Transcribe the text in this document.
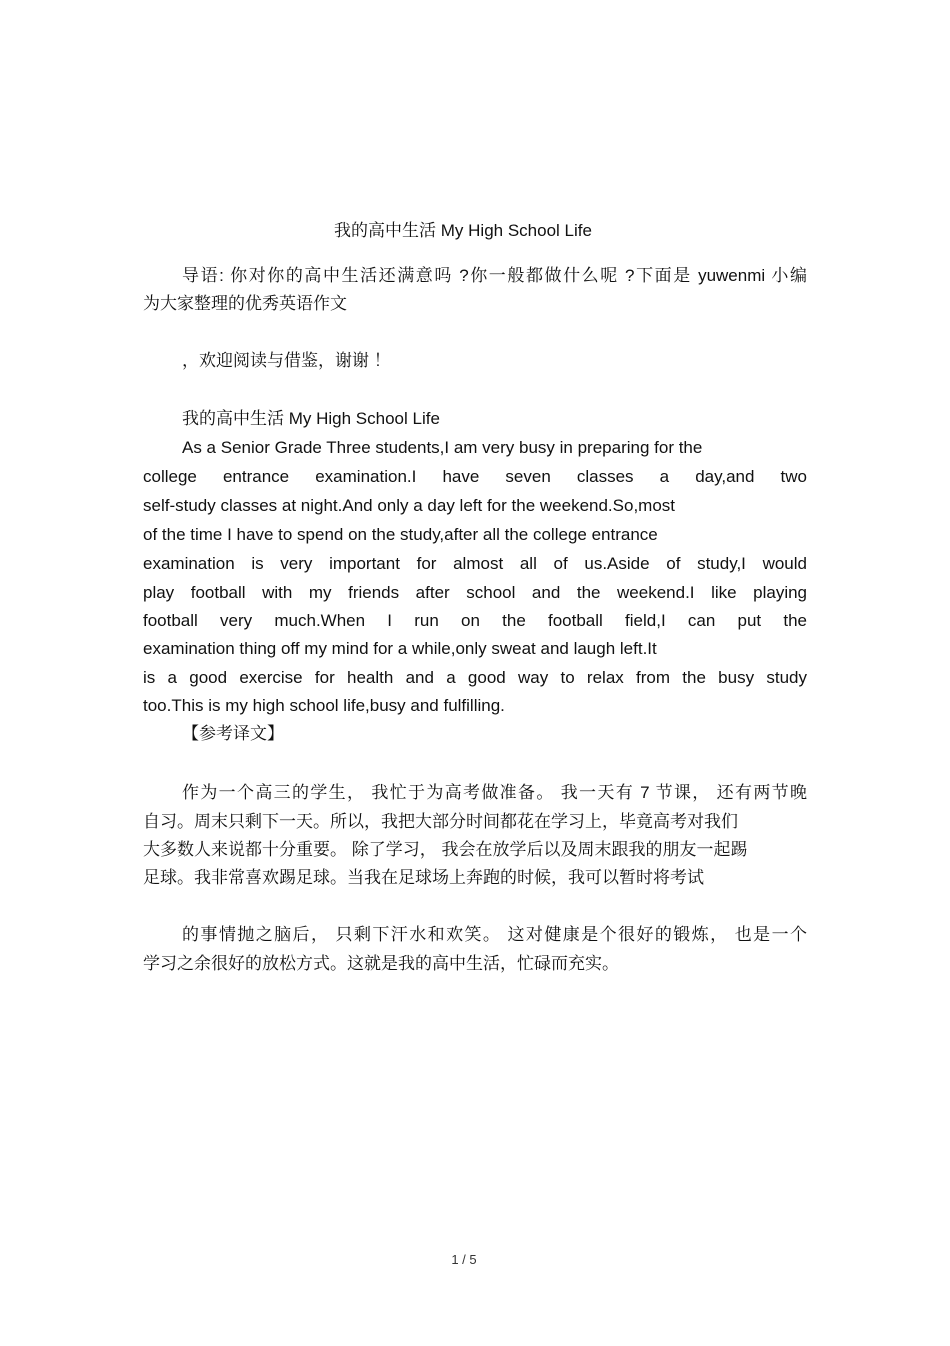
我的高中生活 My High School Life
导语: 你对你的高中生活还满意吗 ?你一般都做什么呢 ?下面是 yuwenmi 小编
为大家整理的优秀英语作文
，欢迎阅读与借鉴，谢谢 ！
我的高中生活 My High School Life
As a Senior Grade Three students,I am very busy in preparing for the
college entrance examination.I have seven classes a day,and two
self-study classes at night.And only a day left for the weekend.So,most
of the time I have to spend on the study,after all the college entrance
examination is very important for almost all of us.Aside of study,I would
play football with my friends after school and the weekend.I like playing
football very much.When I run on the football field,I can put the
examination thing off my mind for a while,only sweat and laugh left.It
is a good exercise for health and a good way to relax from the busy study
too.This is my high school life,busy and fulfilling.
【参考译文】
作为一个高三的学生， 我忙于为高考做准备。 我一天有 7 节课， 还有两节晚
自习。周末只剩下一天。所以，我把大部分时间都花在学习上，毕竟高考对我们
大多数人来说都十分重要。 除了学习， 我会在放学后以及周末跟我的朋友一起踢
足球。我非常喜欢踢足球。当我在足球场上奔跑的时候，我可以暂时将考试
的事情抛之脑后， 只剩下汗水和欢笑。 这对健康是个很好的锻炼， 也是一个
学习之余很好的放松方式。这就是我的高中生活，忙碌而充实。
1 / 5
